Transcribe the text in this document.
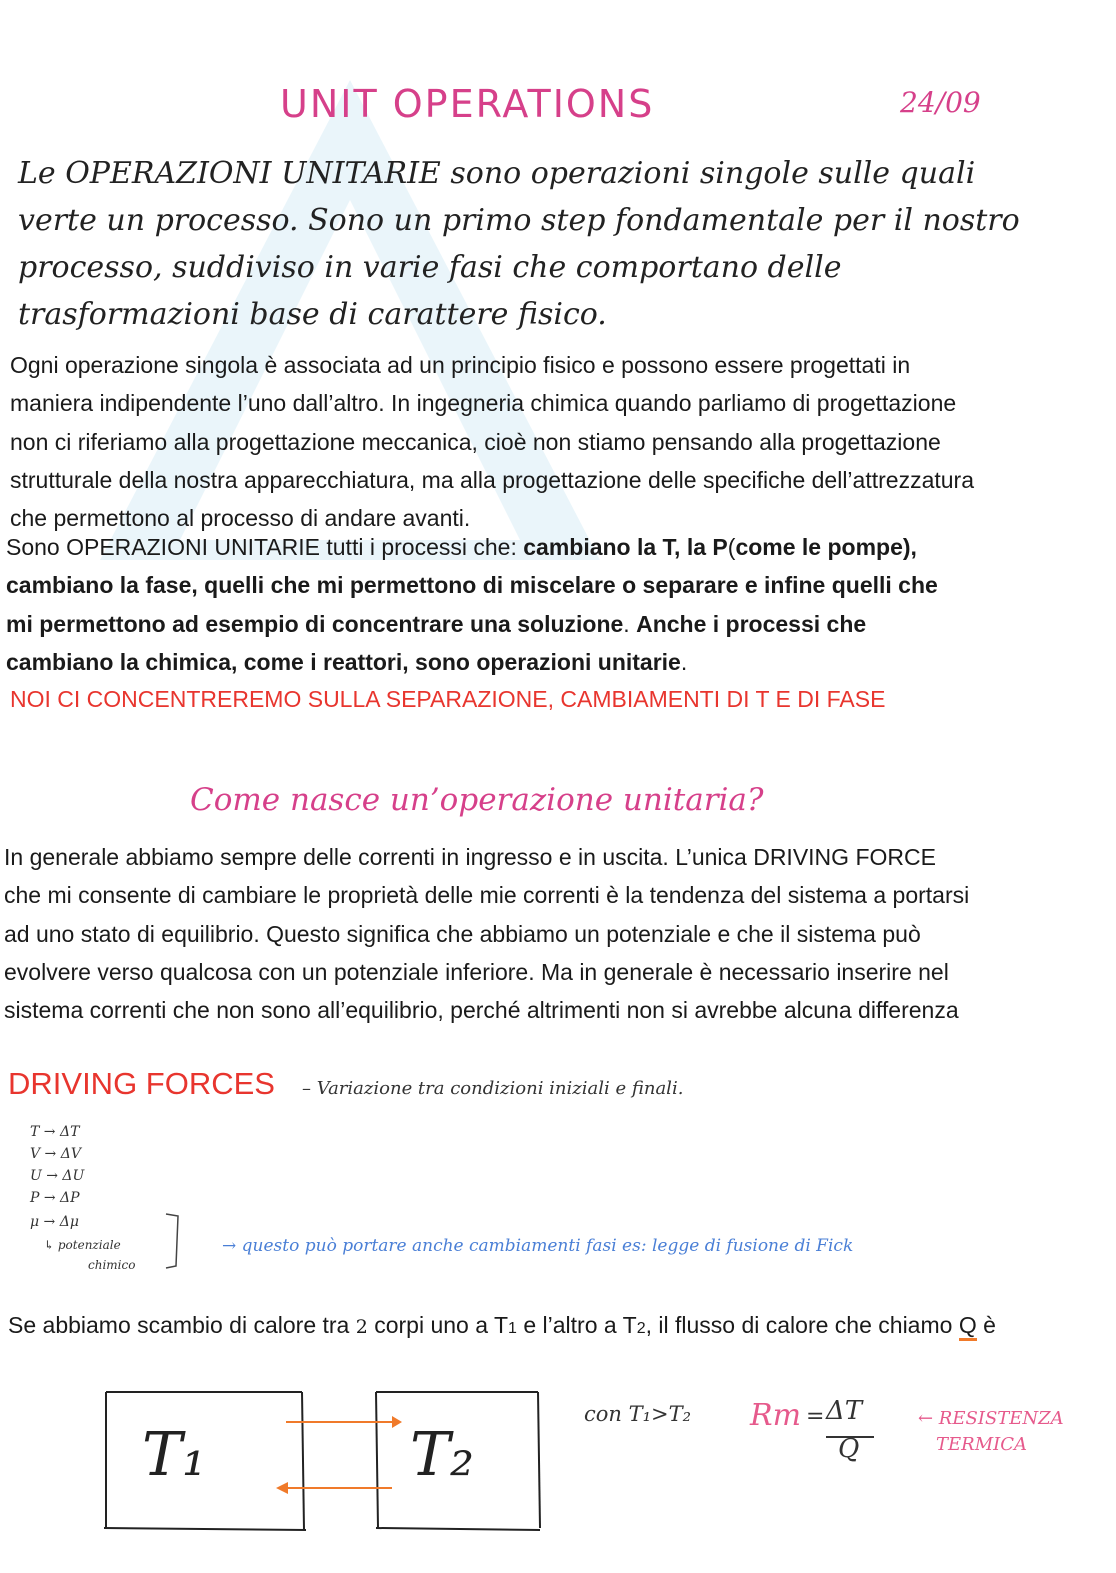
UNIT OPERATIONS	24/09
Le OPERAZIONI UNITARIE sono operazioni singole sulle quali
verte un processo. Sono un primo step fondamentale per il nostro
processo, suddiviso in varie fasi che comportano delle
trasformazioni base di carattere fisico.
Ogni operazione singola è associata ad un principio fisico e possono essere progettati in
maniera indipendente l’uno dall’altro. In ingegneria chimica quando parliamo di progettazione
non ci riferiamo alla progettazione meccanica, cioè non stiamo pensando alla progettazione
strutturale della nostra apparecchiatura, ma alla progettazione delle specifiche dell’attrezzatura
che permettono al processo di andare avanti.
Sono OPERAZIONI UNITARIE tutti i processi che: cambiano la T, la P(come le pompe),
cambiano la fase, quelli che mi permettono di miscelare o separare e infine quelli che
mi permettono ad esempio di concentrare una soluzione. Anche i processi che
cambiano la chimica, come i reattori, sono operazioni unitarie.
NOI CI CONCENTREREMO SULLA SEPARAZIONE, CAMBIAMENTI DI T E DI FASE
Come nasce un’operazione unitaria?
In generale abbiamo sempre delle correnti in ingresso e in uscita. L’unica DRIVING FORCE
che mi consente di cambiare le proprietà delle mie correnti è la tendenza del sistema a portarsi
ad uno stato di equilibrio. Questo significa che abbiamo un potenziale e che il sistema può
evolvere verso qualcosa con un potenziale inferiore. Ma in generale è necessario inserire nel
sistema correnti che non sono all’equilibrio, perché altrimenti non si avrebbe alcuna differenza
DRIVING FORCES – Variazione tra condizioni iniziali e finali.
T → ΔT
V → ΔV
U → ΔU
P → ΔP
μ → Δμ
↳ potenziale
chimico
→ questo può portare anche cambiamenti fasi es: legge di fusione di Fick
Se abbiamo scambio di calore tra 2 corpi uno a T1 e l’altro a T2, il flusso di calore che chiamo Q è
T₁	T₂
con T₁>T₂ Rт = ΔT
Q
← RESISTENZA
TERMICA
